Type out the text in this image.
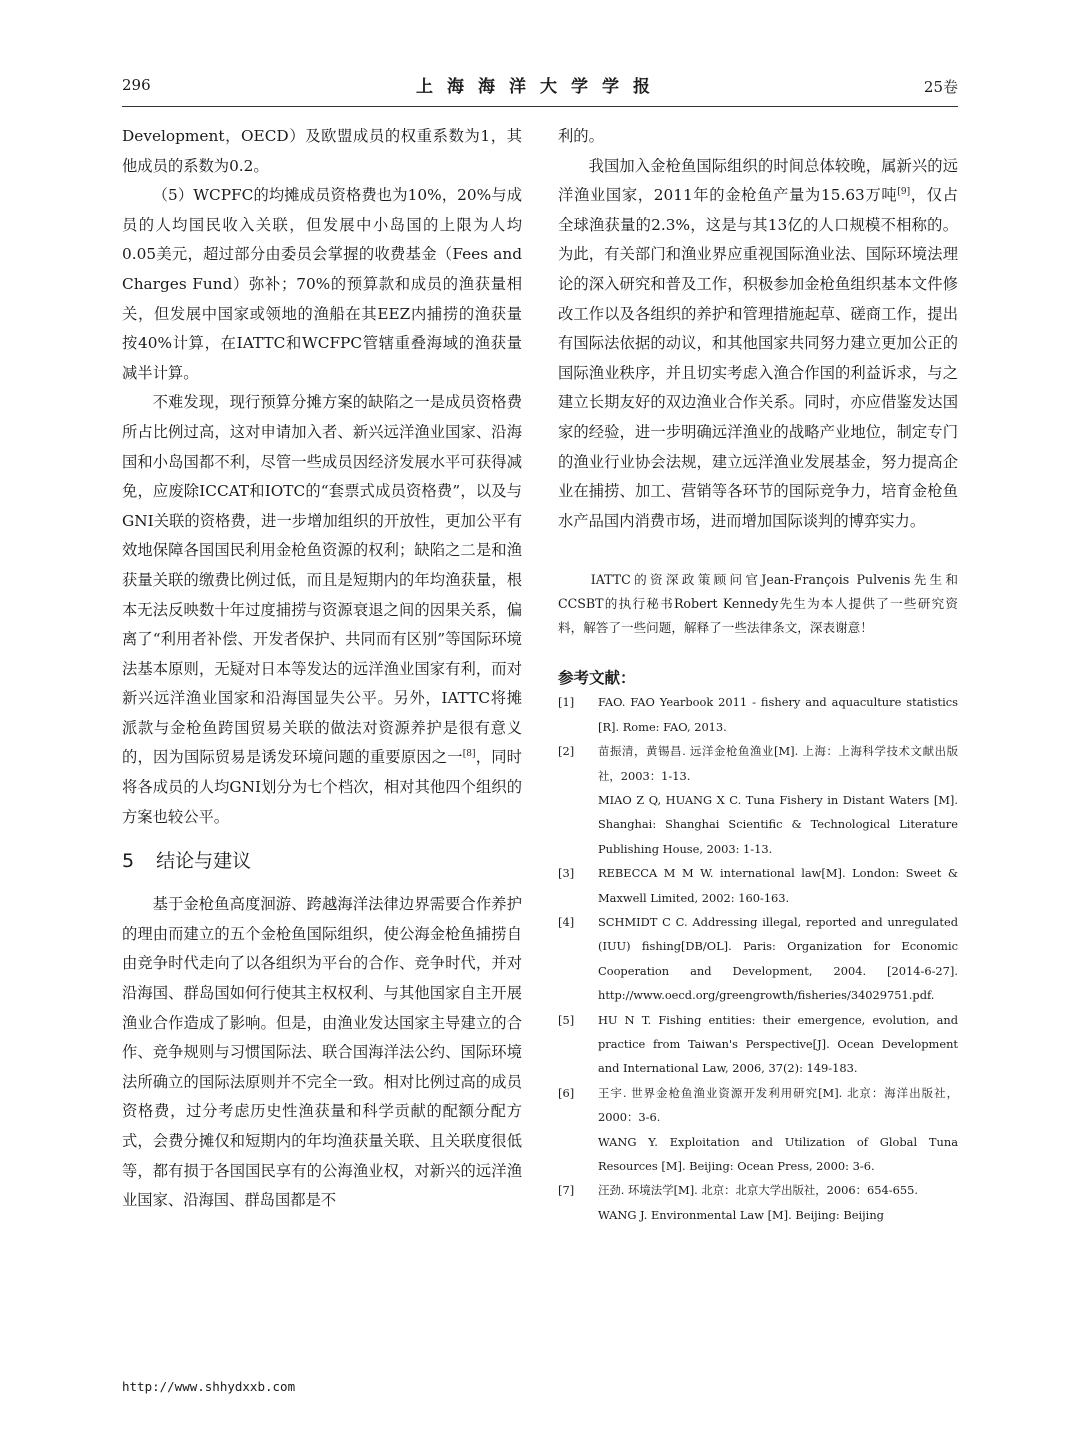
296	上海海洋大学学报	25卷

Development，OECD）及欧盟成员的权重系数为1，其他成员的系数为0.2。

（5）WCPFC的均摊成员资格费也为10%，20%与成员的人均国民收入关联，但发展中小岛国的上限为人均0.05美元，超过部分由委员会掌握的收费基金（Fees and Charges Fund）弥补；70%的预算款和成员的渔获量相关，但发展中国家或领地的渔船在其EEZ内捕捞的渔获量按40%计算，在IATTC和WCFPC管辖重叠海域的渔获量减半计算。

不难发现，现行预算分摊方案的缺陷之一是成员资格费所占比例过高，这对申请加入者、新兴远洋渔业国家、沿海国和小岛国都不利，尽管一些成员因经济发展水平可获得减免，应废除ICCAT和IOTC的“套票式成员资格费”，以及与GNI关联的资格费，进一步增加组织的开放性，更加公平有效地保障各国国民利用金枪鱼资源的权利；缺陷之二是和渔获量关联的缴费比例过低，而且是短期内的年均渔获量，根本无法反映数十年过度捕捞与资源衰退之间的因果关系，偏离了“利用者补偿、开发者保护、共同而有区别”等国际环境法基本原则，无疑对日本等发达的远洋渔业国家有利，而对新兴远洋渔业国家和沿海国显失公平。另外，IATTC将摊派款与金枪鱼跨国贸易关联的做法对资源养护是很有意义的，因为国际贸易是诱发环境问题的重要原因之一[8]，同时将各成员的人均GNI划分为七个档次，相对其他四个组织的方案也较公平。

5 结论与建议

基于金枪鱼高度洄游、跨越海洋法律边界需要合作养护的理由而建立的五个金枪鱼国际组织，使公海金枪鱼捕捞自由竞争时代走向了以各组织为平台的合作、竞争时代，并对沿海国、群岛国如何行使其主权权利、与其他国家自主开展渔业合作造成了影响。但是，由渔业发达国家主导建立的合作、竞争规则与习惯国际法、联合国海洋法公约、国际环境法所确立的国际法原则并不完全一致。相对比例过高的成员资格费，过分考虑历史性渔获量和科学贡献的配额分配方式，会费分摊仅和短期内的年均渔获量关联、且关联度很低等，都有损于各国国民享有的公海渔业权，对新兴的远洋渔业国家、沿海国、群岛国都是不

利的。

我国加入金枪鱼国际组织的时间总体较晚，属新兴的远洋渔业国家，2011年的金枪鱼产量为15.63万吨[9]，仅占全球渔获量的2.3%，这是与其13亿的人口规模不相称的。为此，有关部门和渔业界应重视国际渔业法、国际环境法理论的深入研究和普及工作，积极参加金枪鱼组织基本文件修改工作以及各组织的养护和管理措施起草、磋商工作，提出有国际法依据的动议，和其他国家共同努力建立更加公正的国际渔业秩序，并且切实考虑入渔合作国的利益诉求，与之建立长期友好的双边渔业合作关系。同时，亦应借鉴发达国家的经验，进一步明确远洋渔业的战略产业地位，制定专门的渔业行业协会法规，建立远洋渔业发展基金，努力提高企业在捕捞、加工、营销等各环节的国际竞争力，培育金枪鱼水产品国内消费市场，进而增加国际谈判的博弈实力。

IATTC的资深政策顾问官Jean-François Pulvenis先生和CCSBT的执行秘书Robert Kennedy先生为本人提供了一些研究资料，解答了一些问题，解释了一些法律条文，深表谢意！

参考文献：
[1] FAO. FAO Yearbook 2011 - fishery and aquaculture statistics [R]. Rome: FAO, 2013.
[2] 苗振清，黄锡昌. 远洋金枪鱼渔业[M]. 上海：上海科学技术文献出版社，2003：1-13.
MIAO Z Q, HUANG X C. Tuna Fishery in Distant Waters [M]. Shanghai: Shanghai Scientific & Technological Literature Publishing House, 2003: 1-13.
[3] REBECCA M M W. international law[M]. London: Sweet & Maxwell Limited, 2002: 160-163.
[4] SCHMIDT C C. Addressing illegal, reported and unregulated (IUU) fishing[DB/OL]. Paris: Organization for Economic Cooperation and Development, 2004. [2014-6-27]. http://www.oecd.org/greengrowth/fisheries/34029751.pdf.
[5] HU N T. Fishing entities: their emergence, evolution, and practice from Taiwan's Perspective[J]. Ocean Development and International Law, 2006, 37(2): 149-183.
[6] 王宇. 世界金枪鱼渔业资源开发利用研究[M]. 北京：海洋出版社，2000：3-6.
WANG Y. Exploitation and Utilization of Global Tuna Resources [M]. Beijing: Ocean Press, 2000: 3-6.
[7] 汪劲. 环境法学[M]. 北京：北京大学出版社，2006：654-655.
WANG J. Environmental Law [M]. Beijing: Beijing
http://www.shhydxxb.com
